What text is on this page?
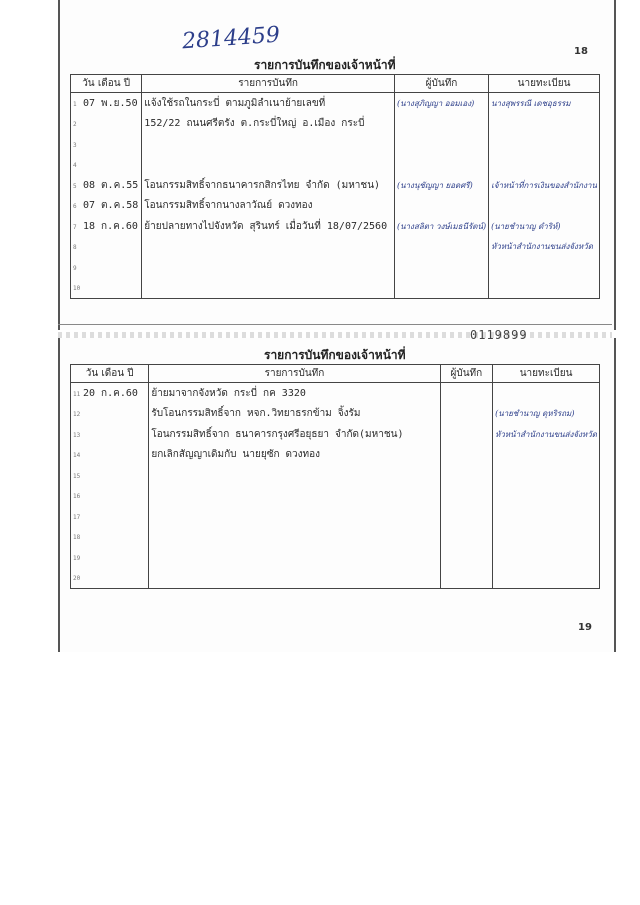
2814459	18
รายการบันทึกของเจ้าหน้าที่
วัน เดือน ปี	รายการบันทึก	ผู้บันทึก	นายทะเบียน
1 07 พ.ย.50	แจ้งใช้รถในกระบี่ ตามภูมิลำเนาย้ายเลขที่	(นางสุภิญญา ออมเอง)	นางสุพรรณี เดชอุธรรม
2	152/22 ถนนศรีตรัง ต.กระบี่ใหญ่ อ.เมือง กระบี่		
3			
4			
5 08 ต.ค.55	โอนกรรมสิทธิ์จากธนาคารกสิกรไทย จำกัด (มหาชน)	(นางนุชัญญา ยอดศรี)	เจ้าหน้าที่การเงินของสำนักงาน
6 07 ต.ค.58	โอนกรรมสิทธิ์จากนางลาวัณย์ ดวงทอง		
7 18 ก.ค.60	ย้ายปลายทางไปจังหวัด สุรินทร์ เมื่อวันที่ 18/07/2560	(นางสลิตา วงษ์เมธนีรัตน์)	(นายชำนาญ ดำริห์)
8			หัวหน้าสำนักงานขนส่งจังหวัด
9			
10			
0119899
รายการบันทึกของเจ้าหน้าที่
วัน เดือน ปี	รายการบันทึก	ผู้บันทึก	นายทะเบียน
11 20 ก.ค.60	ย้ายมาจากจังหวัด กระบี่ กค 3320		
12	รับโอนกรรมสิทธิ์จาก หจก.วิทยาธรกข้าม จิ้งรัม		(นายชำนาญ ดุหริรถม)
13	โอนกรรมสิทธิ์จาก ธนาคารกรุงศรีอยุธยา จำกัด(มหาชน)		หัวหน้าสำนักงานขนส่งจังหวัด
14	ยกเลิกสัญญาเดิมกับ นายยุซัก ดวงทอง		
15			
16			
17			
18			
19			
20			
19
